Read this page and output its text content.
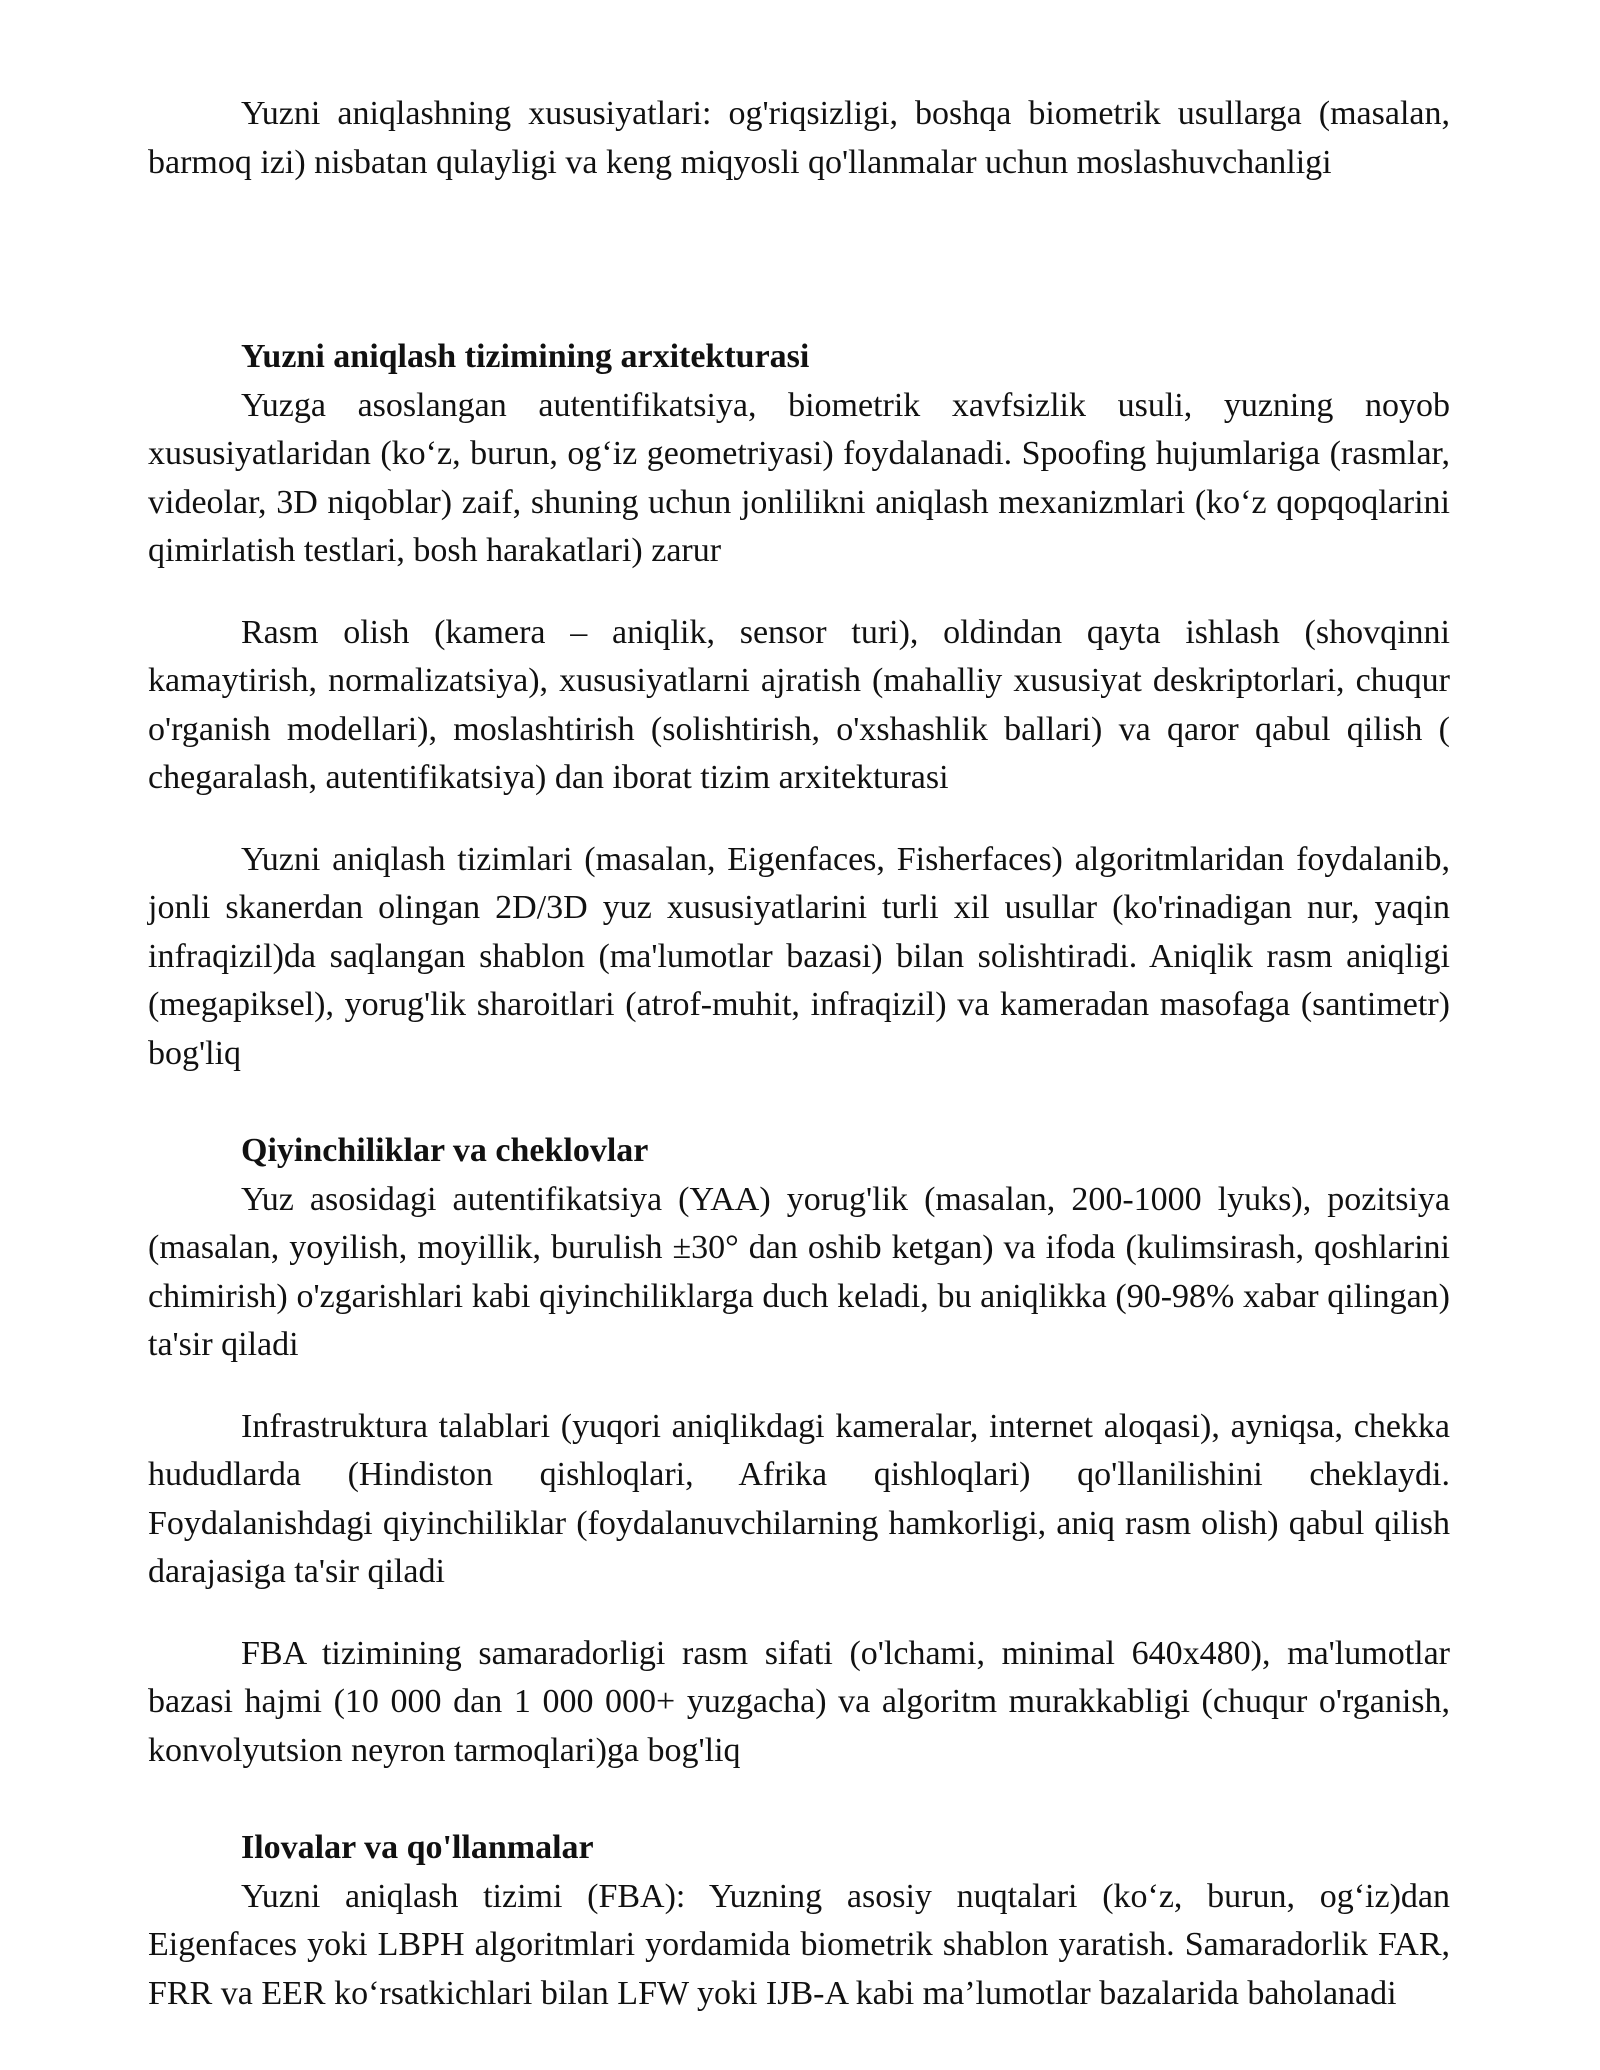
Yuzni aniqlashning xususiyatlari: og'riqsizligi, boshqa biometrik usullarga (masalan, barmoq izi) nisbatan qulayligi va keng miqyosli qo'llanmalar uchun moslashuvchanligi

Yuzni aniqlash tizimining arxitekturasi

Yuzga asoslangan autentifikatsiya, biometrik xavfsizlik usuli, yuzning noyob xususiyatlaridan (ko‘z, burun, og‘iz geometriyasi) foydalanadi. Spoofing hujumlariga (rasmlar, videolar, 3D niqoblar) zaif, shuning uchun jonlilikni aniqlash mexanizmlari (ko‘z qopqoqlarini qimirlatish testlari, bosh harakatlari) zarur

Rasm olish (kamera – aniqlik, sensor turi), oldindan qayta ishlash (shovqinni kamaytirish, normalizatsiya), xususiyatlarni ajratish (mahalliy xususiyat deskriptorlari, chuqur o'rganish modellari), moslashtirish (solishtirish, o'xshashlik ballari) va qaror qabul qilish ( chegaralash, autentifikatsiya) dan iborat tizim arxitekturasi

Yuzni aniqlash tizimlari (masalan, Eigenfaces, Fisherfaces) algoritmlaridan foydalanib, jonli skanerdan olingan 2D/3D yuz xususiyatlarini turli xil usullar (ko'rinadigan nur, yaqin infraqizil)da saqlangan shablon (ma'lumotlar bazasi) bilan solishtiradi. Aniqlik rasm aniqligi (megapiksel), yorug'lik sharoitlari (atrof-muhit, infraqizil) va kameradan masofaga (santimetr) bog'liq

Qiyinchiliklar va cheklovlar

Yuz asosidagi autentifikatsiya (YAA) yorug'lik (masalan, 200-1000 lyuks), pozitsiya (masalan, yoyilish, moyillik, burulish ±30° dan oshib ketgan) va ifoda (kulimsirash, qoshlarini chimirish) o'zgarishlari kabi qiyinchiliklarga duch keladi, bu aniqlikka (90-98% xabar qilingan) ta'sir qiladi

Infrastruktura talablari (yuqori aniqlikdagi kameralar, internet aloqasi), ayniqsa, chekka hududlarda (Hindiston qishloqlari, Afrika qishloqlari) qo'llanilishini cheklaydi. Foydalanishdagi qiyinchiliklar (foydalanuvchilarning hamkorligi, aniq rasm olish) qabul qilish darajasiga ta'sir qiladi

FBA tizimining samaradorligi rasm sifati (o'lchami, minimal 640x480), ma'lumotlar bazasi hajmi (10 000 dan 1 000 000+ yuzgacha) va algoritm murakkabligi (chuqur o'rganish, konvolyutsion neyron tarmoqlari)ga bog'liq

Ilovalar va qo'llanmalar

Yuzni aniqlash tizimi (FBA): Yuzning asosiy nuqtalari (ko‘z, burun, og‘iz)dan Eigenfaces yoki LBPH algoritmlari yordamida biometrik shablon yaratish. Samaradorlik FAR, FRR va EER ko‘rsatkichlari bilan LFW yoki IJB-A kabi ma’lumotlar bazalarida baholanadi
